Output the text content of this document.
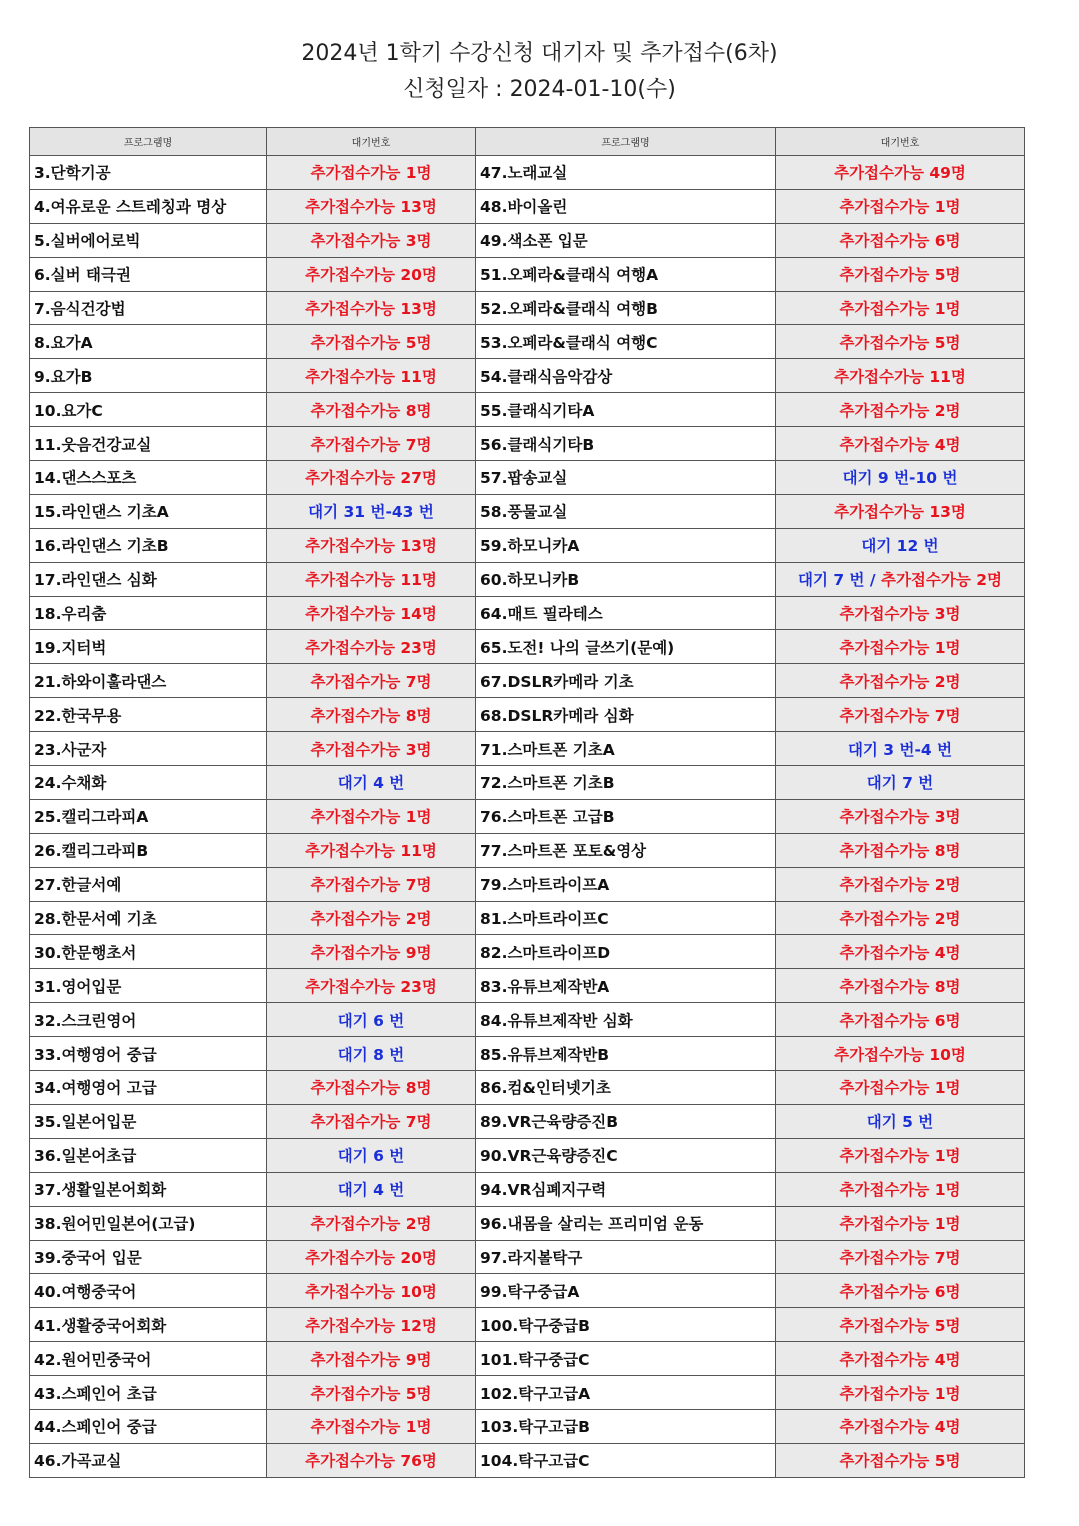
2024년 1학기 수강신청 대기자 및 추가접수(6차)
신청일자 : 2024-01-10(수)
프로그램명	대기번호	프로그램명	대기번호
3.단학기공	추가접수가능 1명	47.노래교실	추가접수가능 49명
4.여유로운 스트레칭과 명상	추가접수가능 13명	48.바이올린	추가접수가능 1명
5.실버에어로빅	추가접수가능 3명	49.색소폰 입문	추가접수가능 6명
6.실버 태극권	추가접수가능 20명	51.오페라&클래식 여행A	추가접수가능 5명
7.음식건강법	추가접수가능 13명	52.오페라&클래식 여행B	추가접수가능 1명
8.요가A	추가접수가능 5명	53.오페라&클래식 여행C	추가접수가능 5명
9.요가B	추가접수가능 11명	54.클래식음악감상	추가접수가능 11명
10.요가C	추가접수가능 8명	55.클래식기타A	추가접수가능 2명
11.웃음건강교실	추가접수가능 7명	56.클래식기타B	추가접수가능 4명
14.댄스스포츠	추가접수가능 27명	57.팝송교실	대기 9 번-10 번
15.라인댄스 기초A	대기 31 번-43 번	58.풍물교실	추가접수가능 13명
16.라인댄스 기초B	추가접수가능 13명	59.하모니카A	대기 12 번
17.라인댄스 심화	추가접수가능 11명	60.하모니카B	대기 7 번 / 추가접수가능 2명
18.우리춤	추가접수가능 14명	64.매트 필라테스	추가접수가능 3명
19.지터벅	추가접수가능 23명	65.도전! 나의 글쓰기(문예)	추가접수가능 1명
21.하와이훌라댄스	추가접수가능 7명	67.DSLR카메라 기초	추가접수가능 2명
22.한국무용	추가접수가능 8명	68.DSLR카메라 심화	추가접수가능 7명
23.사군자	추가접수가능 3명	71.스마트폰 기초A	대기 3 번-4 번
24.수채화	대기 4 번	72.스마트폰 기초B	대기 7 번
25.캘리그라피A	추가접수가능 1명	76.스마트폰 고급B	추가접수가능 3명
26.캘리그라피B	추가접수가능 11명	77.스마트폰 포토&영상	추가접수가능 8명
27.한글서예	추가접수가능 7명	79.스마트라이프A	추가접수가능 2명
28.한문서예 기초	추가접수가능 2명	81.스마트라이프C	추가접수가능 2명
30.한문행초서	추가접수가능 9명	82.스마트라이프D	추가접수가능 4명
31.영어입문	추가접수가능 23명	83.유튜브제작반A	추가접수가능 8명
32.스크린영어	대기 6 번	84.유튜브제작반 심화	추가접수가능 6명
33.여행영어 중급	대기 8 번	85.유튜브제작반B	추가접수가능 10명
34.여행영어 고급	추가접수가능 8명	86.컴&인터넷기초	추가접수가능 1명
35.일본어입문	추가접수가능 7명	89.VR근육량증진B	대기 5 번
36.일본어초급	대기 6 번	90.VR근육량증진C	추가접수가능 1명
37.생활일본어회화	대기 4 번	94.VR심폐지구력	추가접수가능 1명
38.원어민일본어(고급)	추가접수가능 2명	96.내몸을 살리는 프리미엄 운동	추가접수가능 1명
39.중국어 입문	추가접수가능 20명	97.라지볼탁구	추가접수가능 7명
40.여행중국어	추가접수가능 10명	99.탁구중급A	추가접수가능 6명
41.생활중국어회화	추가접수가능 12명	100.탁구중급B	추가접수가능 5명
42.원어민중국어	추가접수가능 9명	101.탁구중급C	추가접수가능 4명
43.스페인어 초급	추가접수가능 5명	102.탁구고급A	추가접수가능 1명
44.스페인어 중급	추가접수가능 1명	103.탁구고급B	추가접수가능 4명
46.가곡교실	추가접수가능 76명	104.탁구고급C	추가접수가능 5명
